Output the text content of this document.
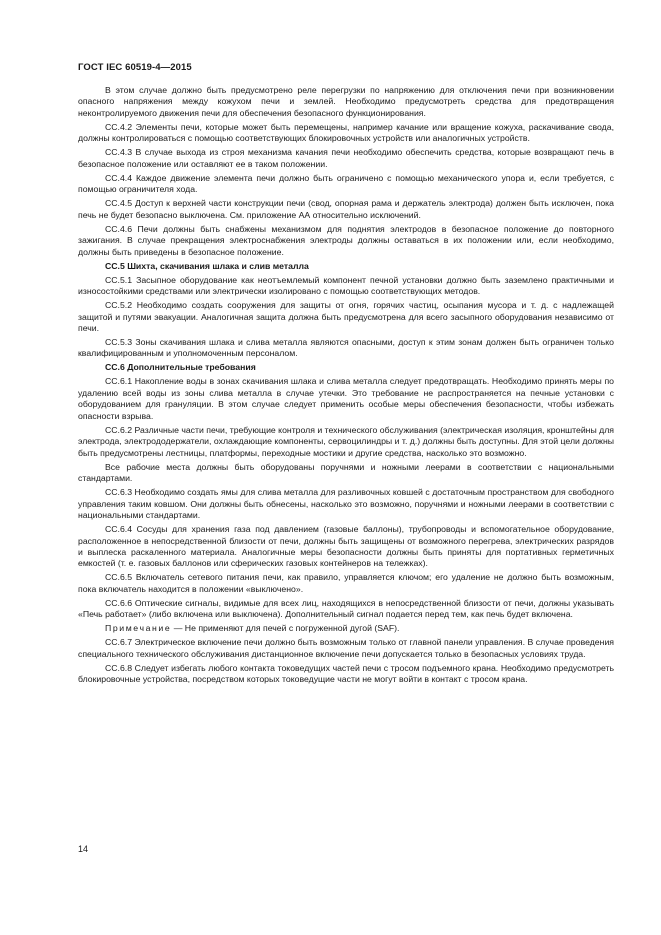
ГОСТ IEC 60519-4—2015

В этом случае должно быть предусмотрено реле перегрузки по напряжению для отключения печи при возникновении опасного напряжения между кожухом печи и землей. Необходимо предусмотреть средства для предотвращения неконтролируемого движения печи для обеспечения безопасного функционирования.

СС.4.2 Элементы печи, которые может быть перемещены, например качание или вращение кожуха, раскачивание свода, должны контролироваться с помощью соответствующих блокировочных устройств или аналогичных устройств.

СС.4.3 В случае выхода из строя механизма качания печи необходимо обеспечить средства, которые возвращают печь в безопасное положение или оставляют ее в таком положении.

СС.4.4 Каждое движение элемента печи должно быть ограничено с помощью механического упора и, если требуется, с помощью ограничителя хода.

СС.4.5 Доступ к верхней части конструкции печи (свод, опорная рама и держатель электрода) должен быть исключен, пока печь не будет безопасно выключена. См. приложение АА относительно исключений.

СС.4.6 Печи должны быть снабжены механизмом для поднятия электродов в безопасное положение до повторного зажигания. В случае прекращения электроснабжения электроды должны оставаться в их положении или, если необходимо, должны быть приведены в безопасное положение.

СС.5 Шихта, скачивания шлака и слив металла

СС.5.1 Засыпное оборудование как неотъемлемый компонент печной установки должно быть заземлено практичными и износостойкими средствами или электрически изолировано с помощью соответствующих методов.

СС.5.2 Необходимо создать сооружения для защиты от огня, горячих частиц, осыпания мусора и т. д. с надлежащей защитой и путями эвакуации. Аналогичная защита должна быть предусмотрена для всего засыпного оборудования независимо от печи.

СС.5.3 Зоны скачивания шлака и слива металла являются опасными, доступ к этим зонам должен быть ограничен только квалифицированным и уполномоченным персоналом.

СС.6 Дополнительные требования

СС.6.1 Накопление воды в зонах скачивания шлака и слива металла следует предотвращать. Необходимо принять меры по удалению всей воды из зоны слива металла в случае утечки. Это требование не распространяется на печные установки с оборудованием для грануляции. В этом случае следует применить особые меры обеспечения безопасности, чтобы избежать опасности взрыва.

СС.6.2 Различные части печи, требующие контроля и технического обслуживания (электрическая изоляция, кронштейны для электрода, электрододержатели, охлаждающие компоненты, сервоцилиндры и т. д.) должны быть доступны. Для этой цели должны быть предусмотрены лестницы, платформы, переходные мостики и другие средства, насколько это возможно.

Все рабочие места должны быть оборудованы поручнями и ножными леерами в соответствии с национальными стандартами.

СС.6.3 Необходимо создать ямы для слива металла для разливочных ковшей с достаточным пространством для свободного управления таким ковшом. Они должны быть обнесены, насколько это возможно, поручнями и ножными леерами в соответствии с национальными стандартами.

СС.6.4 Сосуды для хранения газа под давлением (газовые баллоны), трубопроводы и вспомогательное оборудование, расположенное в непосредственной близости от печи, должны быть защищены от возможного перегрева, электрических разрядов и выплеска раскаленного материала. Аналогичные меры безопасности должны быть приняты для портативных герметичных емкостей (т. е. газовых баллонов или сферических газовых контейнеров на тележках).

СС.6.5 Включатель сетевого питания печи, как правило, управляется ключом; его удаление не должно быть возможным, пока включатель находится в положении «выключено».

СС.6.6 Оптические сигналы, видимые для всех лиц, находящихся в непосредственной близости от печи, должны указывать «Печь работает» (либо включена или выключена). Дополнительный сигнал подается перед тем, как печь будет включена.

Примечание — Не применяют для печей с погруженной дугой (SAF).

СС.6.7 Электрическое включение печи должно быть возможным только от главной панели управления. В случае проведения специального технического обслуживания дистанционное включение печи допускается только в безопасных условиях труда.

СС.6.8 Следует избегать любого контакта токоведущих частей печи с тросом подъемного крана. Необходимо предусмотреть блокировочные устройства, посредством которых токоведущие части не могут войти в контакт с тросом крана.

14
